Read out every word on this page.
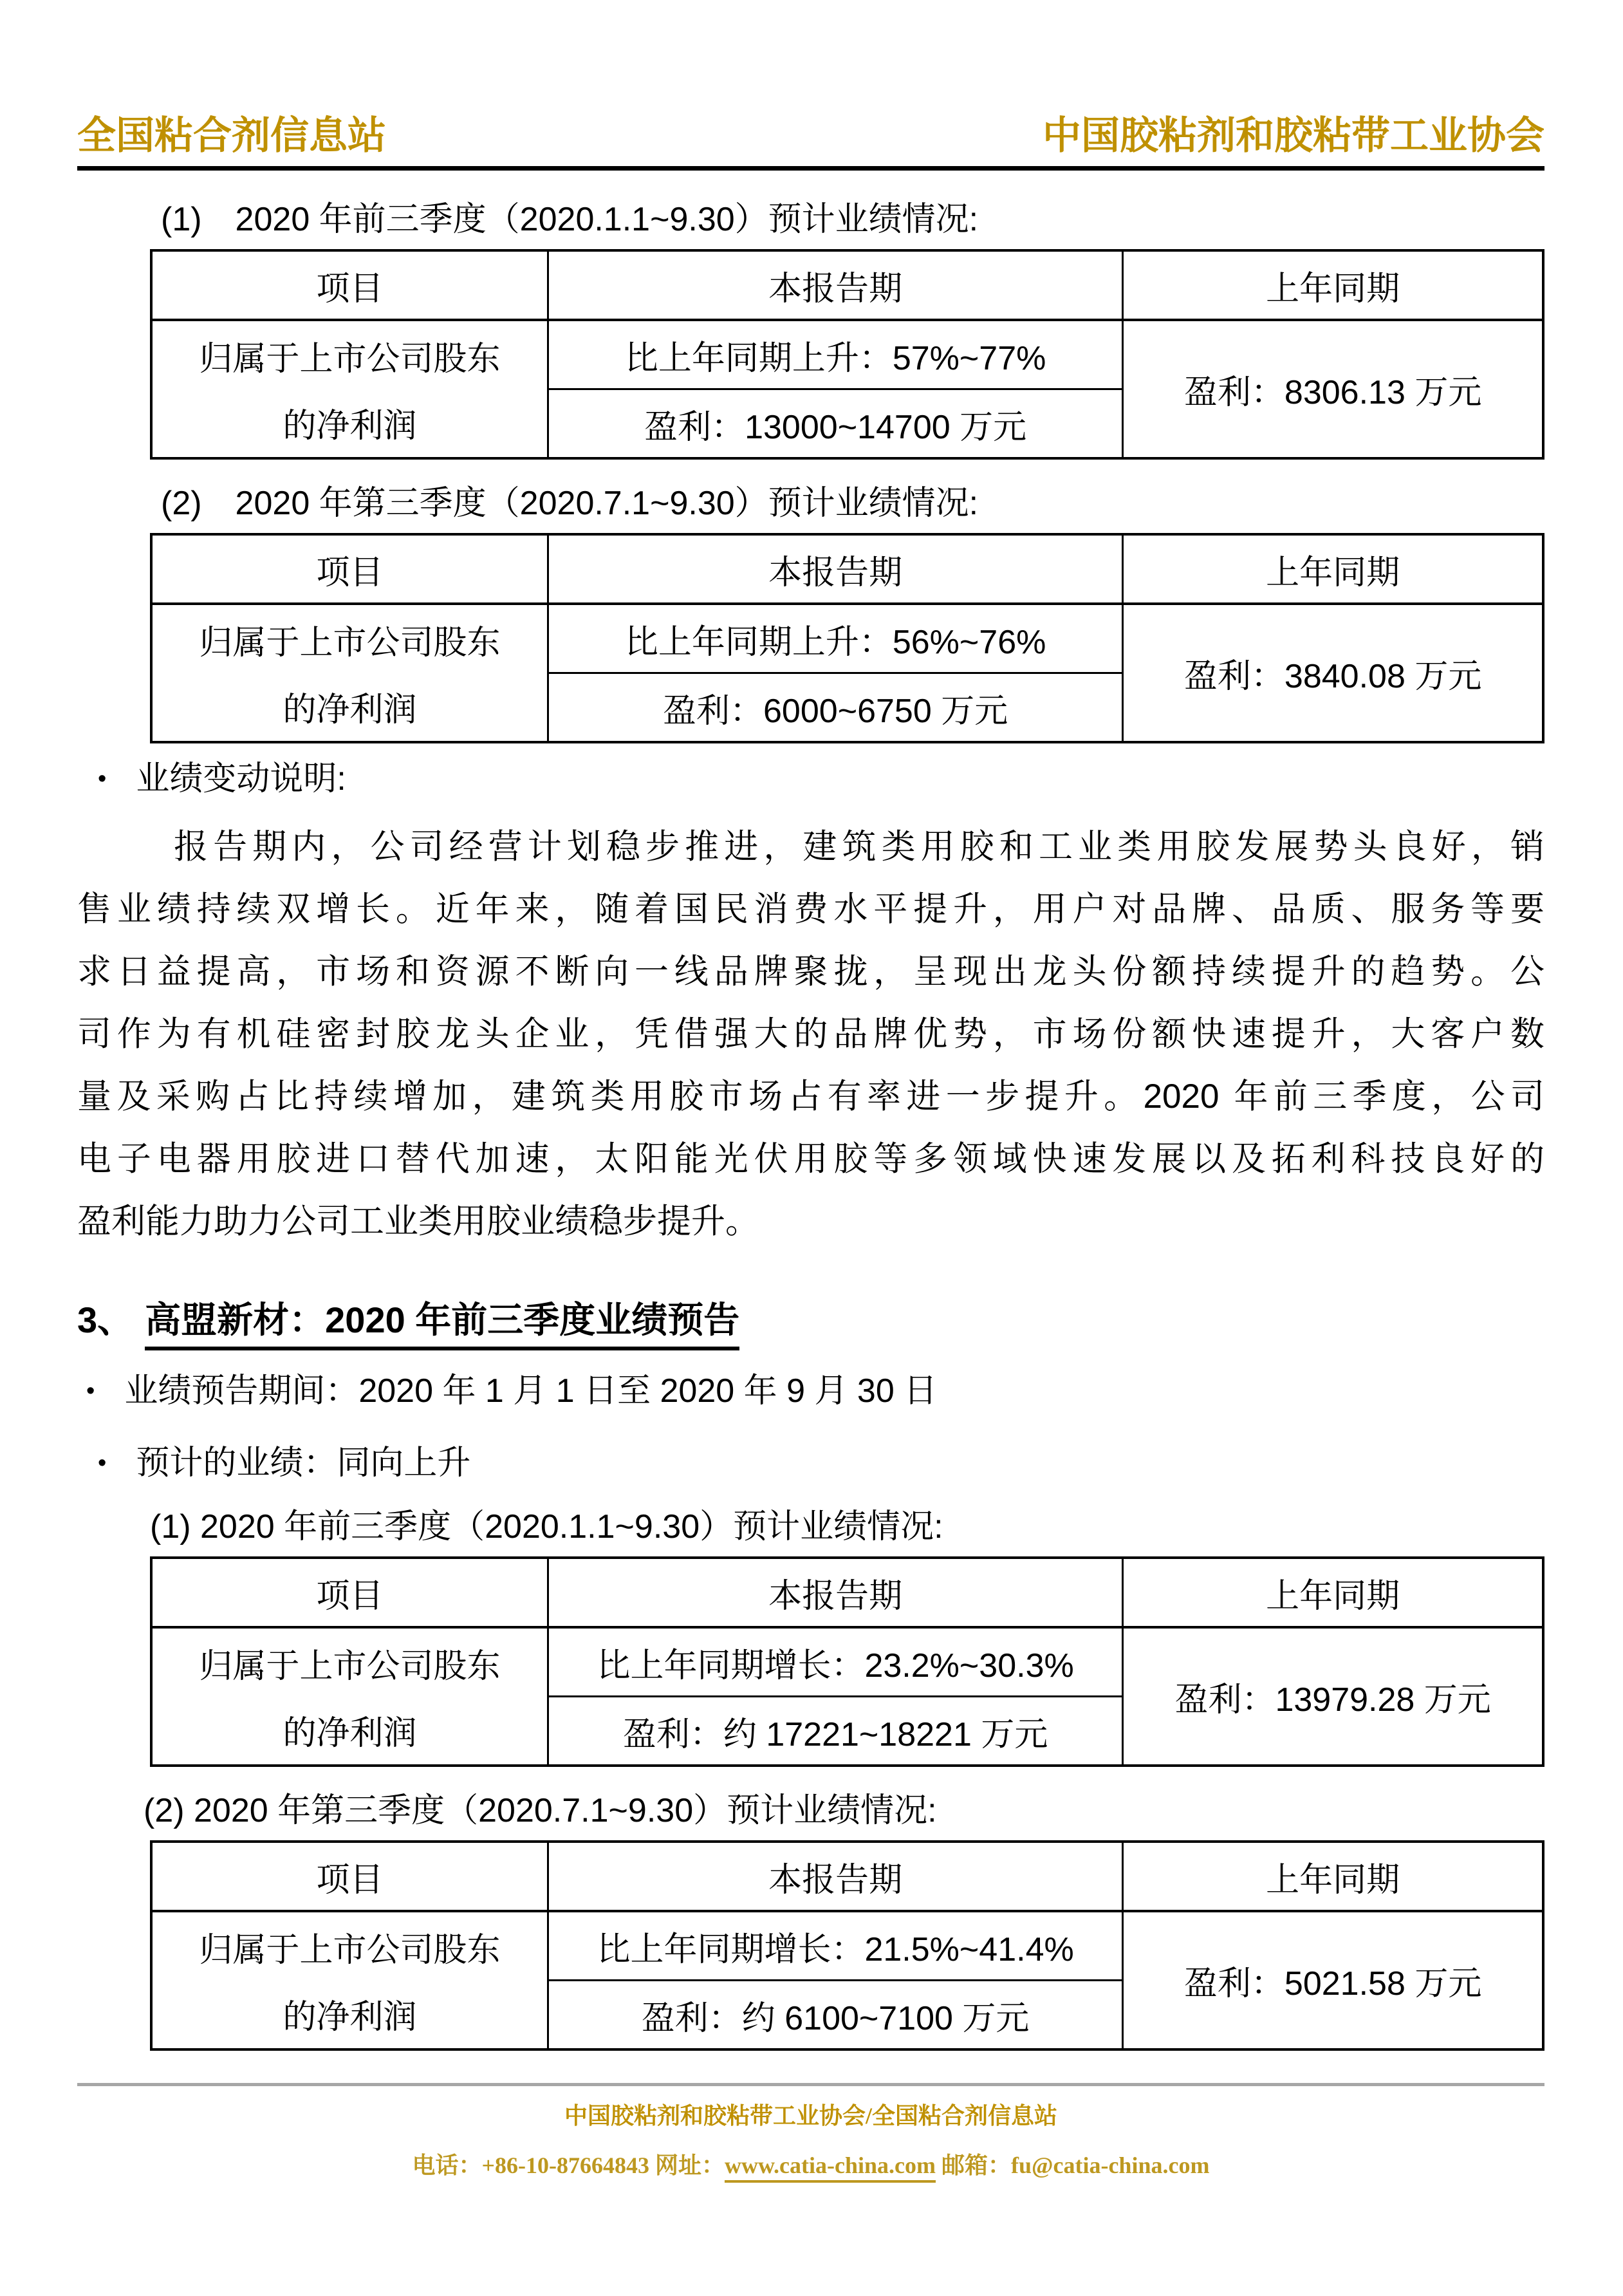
全国粘合剂信息站	中国胶粘剂和胶粘带工业协会
(1)　2020 年前三季度（2020.1.1~9.30）预计业绩情况:
项目	本报告期	上年同期

归属于上市公司股东
的净利润	比上年同期上升：57%~77%	盈利：8306.13 万元
	盈利：13000~14700 万元	
(2)　2020 年第三季度（2020.7.1~9.30）预计业绩情况:
项目	本报告期	上年同期

归属于上市公司股东
的净利润	比上年同期上升：56%~76%	盈利：3840.08 万元
	盈利：6000~6750 万元	
• 业绩变动说明:
报告期内，公司经营计划稳步推进，建筑类用胶和工业类用胶发展势头良好，销
售业绩持续双增长。近年来，随着国民消费水平提升，用户对品牌、品质、服务等要
求日益提高，市场和资源不断向一线品牌聚拢，呈现出龙头份额持续提升的趋势。公
司作为有机硅密封胶龙头企业，凭借强大的品牌优势，市场份额快速提升，大客户数
量及采购占比持续增加，建筑类用胶市场占有率进一步提升。2020 年前三季度，公司
电子电器用胶进口替代加速，太阳能光伏用胶等多领域快速发展以及拓利科技良好的
盈利能力助力公司工业类用胶业绩稳步提升。
3、 高盟新材：2020 年前三季度业绩预告
• 业绩预告期间：2020 年 1 月 1 日至 2020 年 9 月 30 日
• 预计的业绩：同向上升
(1) 2020 年前三季度（2020.1.1~9.30）预计业绩情况:
项目	本报告期	上年同期

归属于上市公司股东
的净利润	比上年同期增长：23.2%~30.3%	盈利：13979.28 万元
	盈利：约 17221~18221 万元	
(2) 2020 年第三季度（2020.7.1~9.30）预计业绩情况:
项目	本报告期	上年同期

归属于上市公司股东
的净利润	比上年同期增长：21.5%~41.4%	盈利：5021.58 万元
	盈利：约 6100~7100 万元	
中国胶粘剂和胶粘带工业协会/全国粘合剂信息站
电话：+86-10-87664843 网址：www.catia-china.com 邮箱：fu@catia-china.com
